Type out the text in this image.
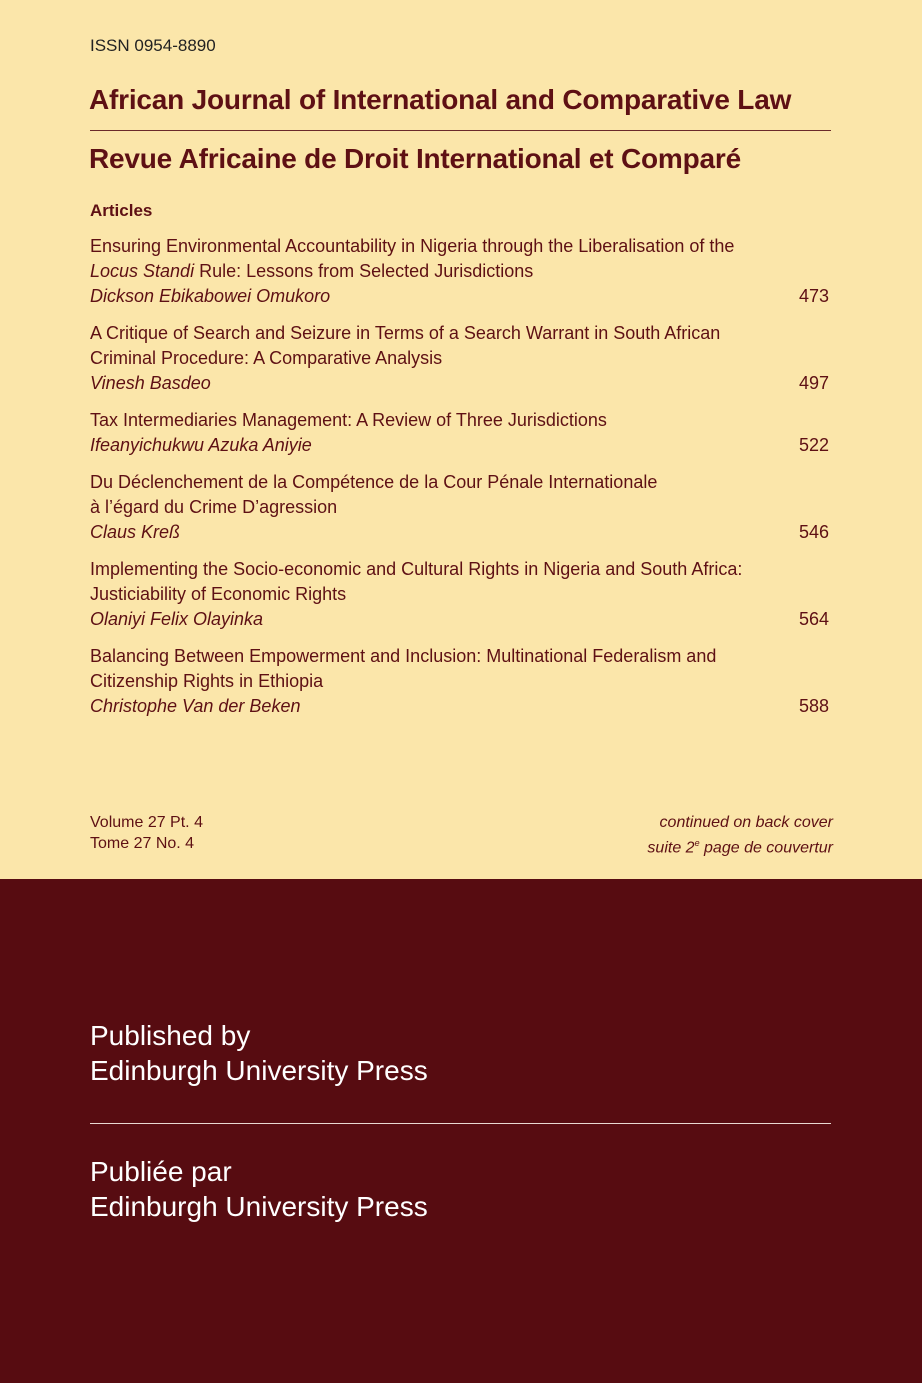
ISSN 0954-8890
African Journal of International and Comparative Law
Revue Africaine de Droit International et Comparé
Articles
Ensuring Environmental Accountability in Nigeria through the Liberalisation of the
Locus Standi Rule: Lessons from Selected Jurisdictions
Dickson Ebikabowei Omukoro	473
A Critique of Search and Seizure in Terms of a Search Warrant in South African
Criminal Procedure: A Comparative Analysis
Vinesh Basdeo	497
Tax Intermediaries Management: A Review of Three Jurisdictions
Ifeanyichukwu Azuka Aniyie	522
Du Déclenchement de la Compétence de la Cour Pénale Internationale
à l’égard du Crime D’agression
Claus Kreß	546
Implementing the Socio-economic and Cultural Rights in Nigeria and South Africa:
Justiciability of Economic Rights
Olaniyi Felix Olayinka	564
Balancing Between Empowerment and Inclusion: Multinational Federalism and
Citizenship Rights in Ethiopia
Christophe Van der Beken	588
Volume 27 Pt. 4
Tome 27 No. 4
continued on back cover
suite 2e page de couvertur
Published by
Edinburgh University Press
Publiée par
Edinburgh University Press
